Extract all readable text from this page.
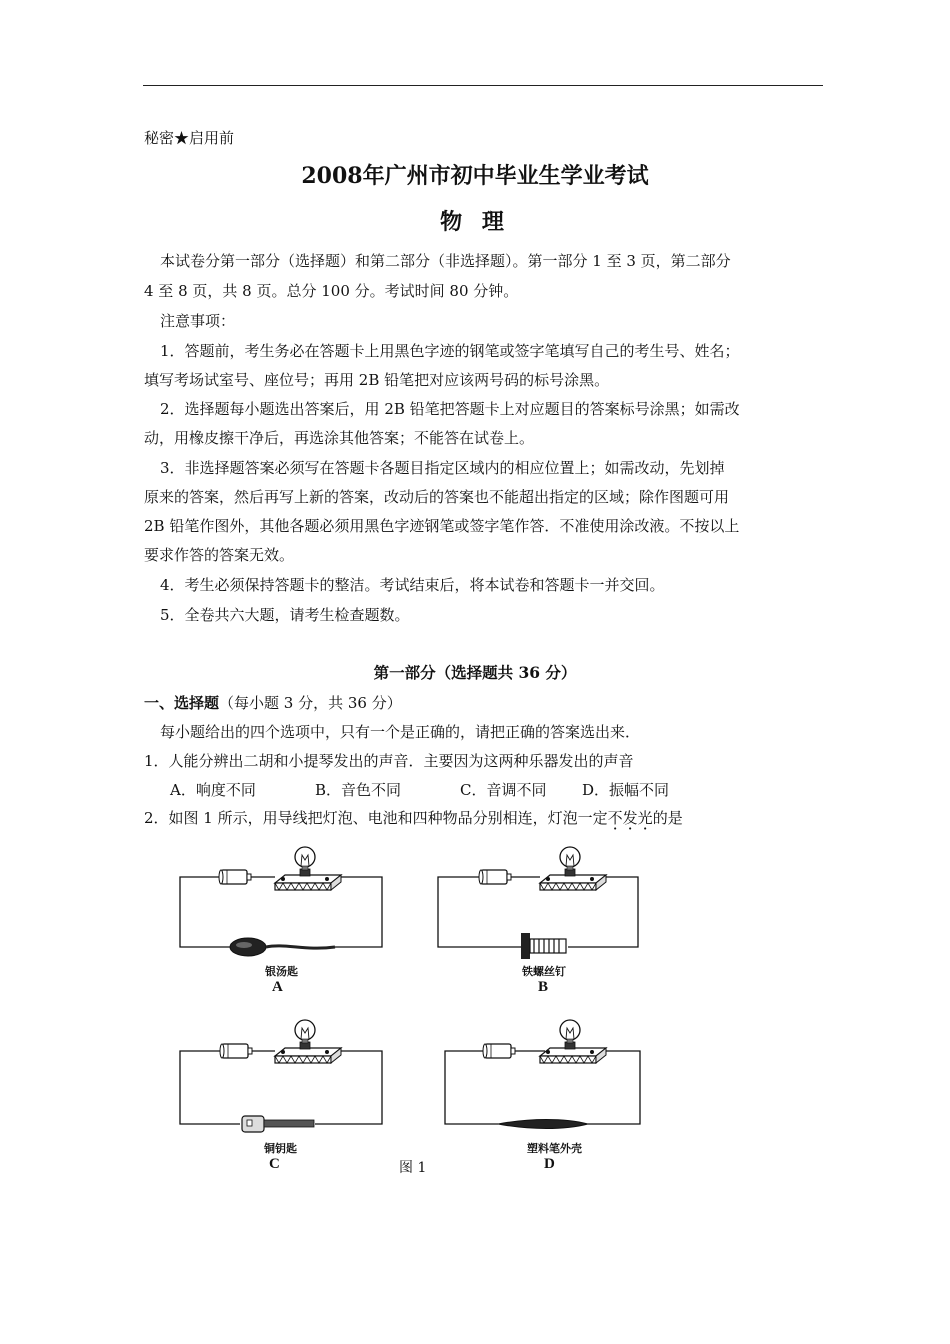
秘密★启用前
2008年广州市初中毕业生学业考试
物 理
本试卷分第一部分（选择题）和第二部分（非选择题）。第一部分 1 至 3 页，第二部分
4 至 8 页，共 8 页。总分 100 分。考试时间 80 分钟。
注意事项：
1．答题前，考生务必在答题卡上用黑色字迹的钢笔或签字笔填写自己的考生号、姓名；
填写考场试室号、座位号；再用 2B 铅笔把对应该两号码的标号涂黑。
2．选择题每小题选出答案后，用 2B 铅笔把答题卡上对应题目的答案标号涂黑；如需改
动，用橡皮擦干净后，再选涂其他答案；不能答在试卷上。
3．非选择题答案必须写在答题卡各题目指定区域内的相应位置上；如需改动，先划掉
原来的答案，然后再写上新的答案，改动后的答案也不能超出指定的区域；除作图题可用
2B 铅笔作图外，其他各题必须用黑色字迹钢笔或签字笔作答．不准使用涂改液。不按以上
要求作答的答案无效。
4．考生必须保持答题卡的整洁。考试结束后，将本试卷和答题卡一并交回。
5．全卷共六大题，请考生检查题数。
第一部分（选择题共 36 分）
一、选择题（每小题 3 分，共 36 分）
每小题给出的四个选项中，只有一个是正确的，请把正确的答案选出来．
1．人能分辨出二胡和小提琴发出的声音．主要因为这两种乐器发出的声音
A．响度不同	B．音色不同	C．音调不同 D．振幅不同
2．如图 1 所示，用导线把灯泡、电池和四种物品分别相连，灯泡一定不发光的是
银汤匙
A
铁螺丝钉
B
铜钥匙
C
塑料笔外壳
D
图 1
